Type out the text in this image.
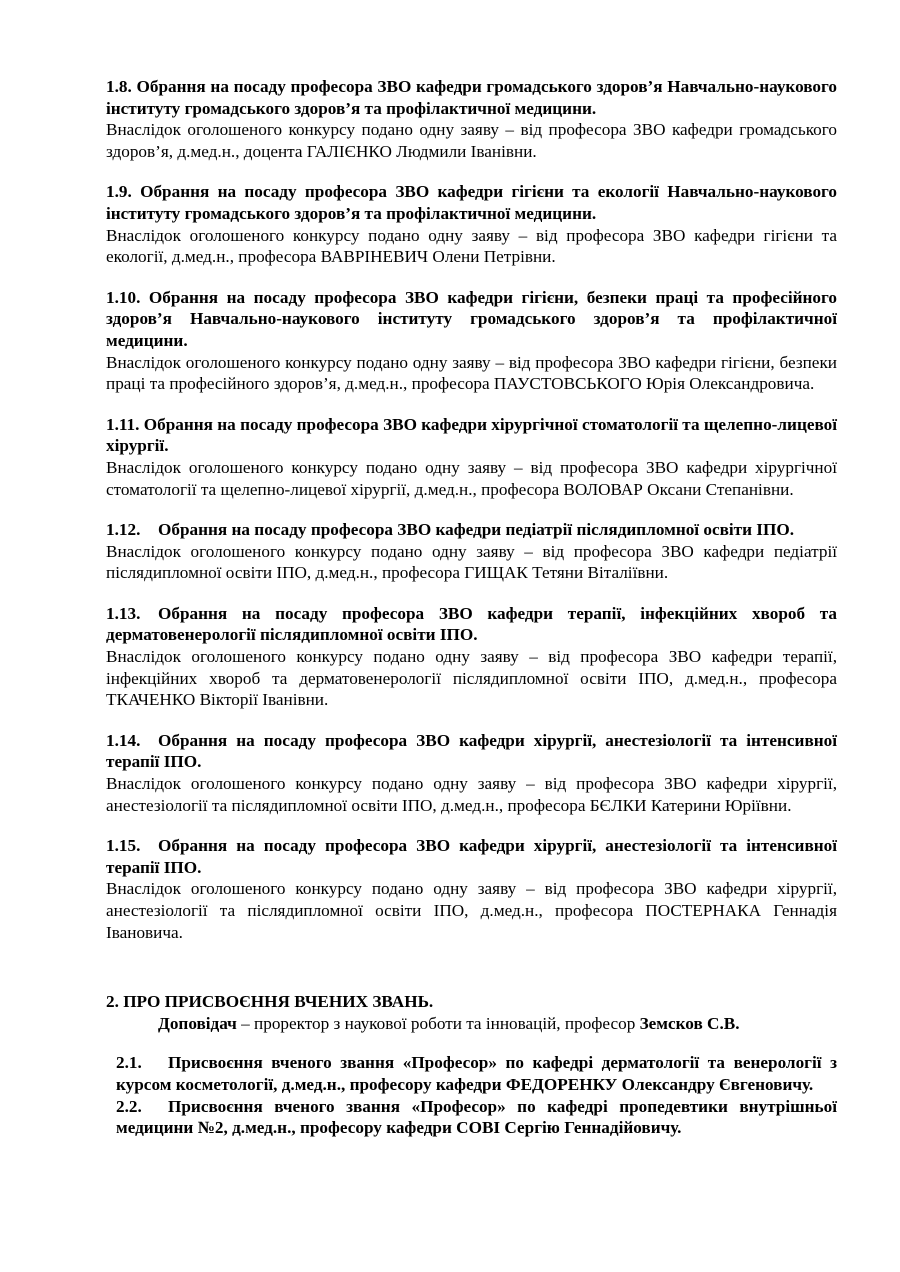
1.8. Обрання на посаду професора ЗВО кафедри громадського здоров’я Навчально-наукового інституту громадського здоров’я та профілактичної медицини.

Внаслідок оголошеного конкурсу подано одну заяву – від професора ЗВО кафедри громадського здоров’я, д.мед.н., доцента ГАЛІЄНКО Людмили Іванівни.

1.9. Обрання на посаду професора ЗВО кафедри гігієни та екології Навчально-наукового інституту громадського здоров’я та профілактичної медицини.

Внаслідок оголошеного конкурсу подано одну заяву – від професора ЗВО кафедри гігієни та екології, д.мед.н., професора ВАВРІНЕВИЧ Олени Петрівни.

1.10. Обрання на посаду професора ЗВО кафедри гігієни, безпеки праці та професійного здоров’я Навчально-наукового інституту громадського здоров’я та профілактичної медицини.

Внаслідок оголошеного конкурсу подано одну заяву – від професора ЗВО кафедри гігієни, безпеки праці та професійного здоров’я, д.мед.н., професора ПАУСТОВСЬКОГО Юрія Олександровича.

1.11. Обрання на посаду професора ЗВО кафедри хірургічної стоматології та щелепно-лицевої хірургії.

Внаслідок оголошеного конкурсу подано одну заяву – від професора ЗВО кафедри хірургічної стоматології та щелепно-лицевої хірургії, д.мед.н., професора ВОЛОВАР Оксани Степанівни.

1.12. Обрання на посаду професора ЗВО кафедри педіатрії післядипломної освіти ІПО.

Внаслідок оголошеного конкурсу подано одну заяву – від професора ЗВО кафедри педіатрії післядипломної освіти ІПО, д.мед.н., професора ГИЩАК Тетяни Віталіївни.

1.13. Обрання на посаду професора ЗВО кафедри терапії, інфекційних хвороб та дерматовенерології післядипломної освіти ІПО.

Внаслідок оголошеного конкурсу подано одну заяву – від професора ЗВО кафедри терапії, інфекційних хвороб та дерматовенерології післядипломної освіти ІПО, д.мед.н., професора ТКАЧЕНКО Вікторії Іванівни.

1.14. Обрання на посаду професора ЗВО кафедри хірургії, анестезіології та інтенсивної терапії ІПО.

Внаслідок оголошеного конкурсу подано одну заяву – від професора ЗВО кафедри хірургії, анестезіології та післядипломної освіти ІПО, д.мед.н., професора БЄЛКИ Катерини Юріївни.

1.15. Обрання на посаду професора ЗВО кафедри хірургії, анестезіології та інтенсивної терапії ІПО.

Внаслідок оголошеного конкурсу подано одну заяву – від професора ЗВО кафедри хірургії, анестезіології та післядипломної освіти ІПО, д.мед.н., професора ПОСТЕРНАКА Геннадія Івановича.

2. ПРО ПРИСВОЄННЯ ВЧЕНИХ ЗВАНЬ.

Доповідач – проректор з наукової роботи та інновацій, професор Земсков С.В.

2.1. Присвоєння вченого звання «Професор» по кафедрі дерматології та венерології з курсом косметології, д.мед.н., професору кафедри ФЕДОРЕНКУ Олександру Євгеновичу.

2.2. Присвоєння вченого звання «Професор» по кафедрі пропедевтики внутрішньої медицини №2, д.мед.н., професору кафедри СОВІ Сергію Геннадійовичу.
